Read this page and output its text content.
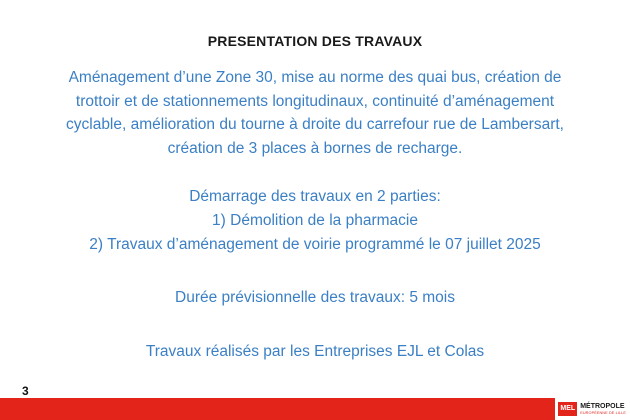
PRESENTATION DES TRAVAUX
Aménagement d’une Zone 30, mise au norme des quai bus, création de
trottoir et de stationnements longitudinaux, continuité d’aménagement
cyclable, amélioration du tourne à droite du carrefour rue de Lambersart,
création de 3 places à bornes de recharge.
Démarrage des travaux en 2 parties:
1) Démolition de la pharmacie
2) Travaux d’aménagement de voirie programmé le 07 juillet 2025
Durée prévisionnelle des travaux: 5 mois
Travaux réalisés par les Entreprises EJL et Colas
3
MEL MÉTROPOLE
EUROPÉENNE DE LILLE
